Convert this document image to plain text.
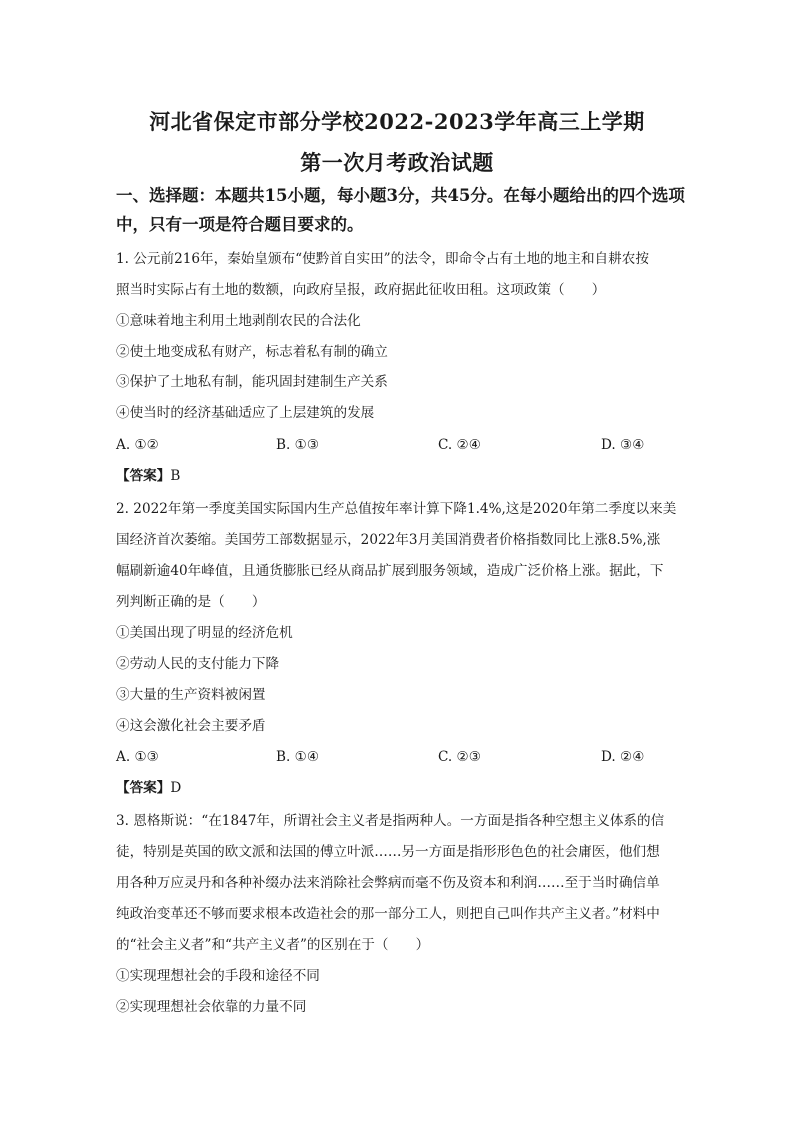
河北省保定市部分学校2022-2023学年高三上学期
第一次月考政治试题
一、选择题：本题共15小题，每小题3分，共45分。在每小题给出的四个选项
中，只有一项是符合题目要求的。
1. 公元前216年，秦始皇颁布“使黔首自实田”的法令，即命令占有土地的地主和自耕农按
照当时实际占有土地的数额，向政府呈报，政府据此征收田租。这项政策（　　）
①意味着地主利用土地剥削农民的合法化
②使土地变成私有财产，标志着私有制的确立
③保护了土地私有制，能巩固封建制生产关系
④使当时的经济基础适应了上层建筑的发展
A. ①②	B. ①③	C. ②④	D. ③④
【答案】B
2. 2022年第一季度美国实际国内生产总值按年率计算下降1.4%,这是2020年第二季度以来美
国经济首次萎缩。美国劳工部数据显示，2022年3月美国消费者价格指数同比上涨8.5%,涨
幅刷新逾40年峰值，且通货膨胀已经从商品扩展到服务领域，造成广泛价格上涨。据此，下
列判断正确的是（　　）
①美国出现了明显的经济危机
②劳动人民的支付能力下降
③大量的生产资料被闲置
④这会激化社会主要矛盾
A. ①③	B. ①④	C. ②③	D. ②④
【答案】D
3. 恩格斯说：“在1847年，所谓社会主义者是指两种人。一方面是指各种空想主义体系的信
徒，特别是英国的欧文派和法国的傅立叶派……另一方面是指形形色色的社会庸医，他们想
用各种万应灵丹和各种补缀办法来消除社会弊病而毫不伤及资本和利润……至于当时确信单
纯政治变革还不够而要求根本改造社会的那一部分工人，则把自己叫作共产主义者。”材料中
的“社会主义者”和“共产主义者”的区别在于（　　）
①实现理想社会的手段和途径不同
②实现理想社会依靠的力量不同
